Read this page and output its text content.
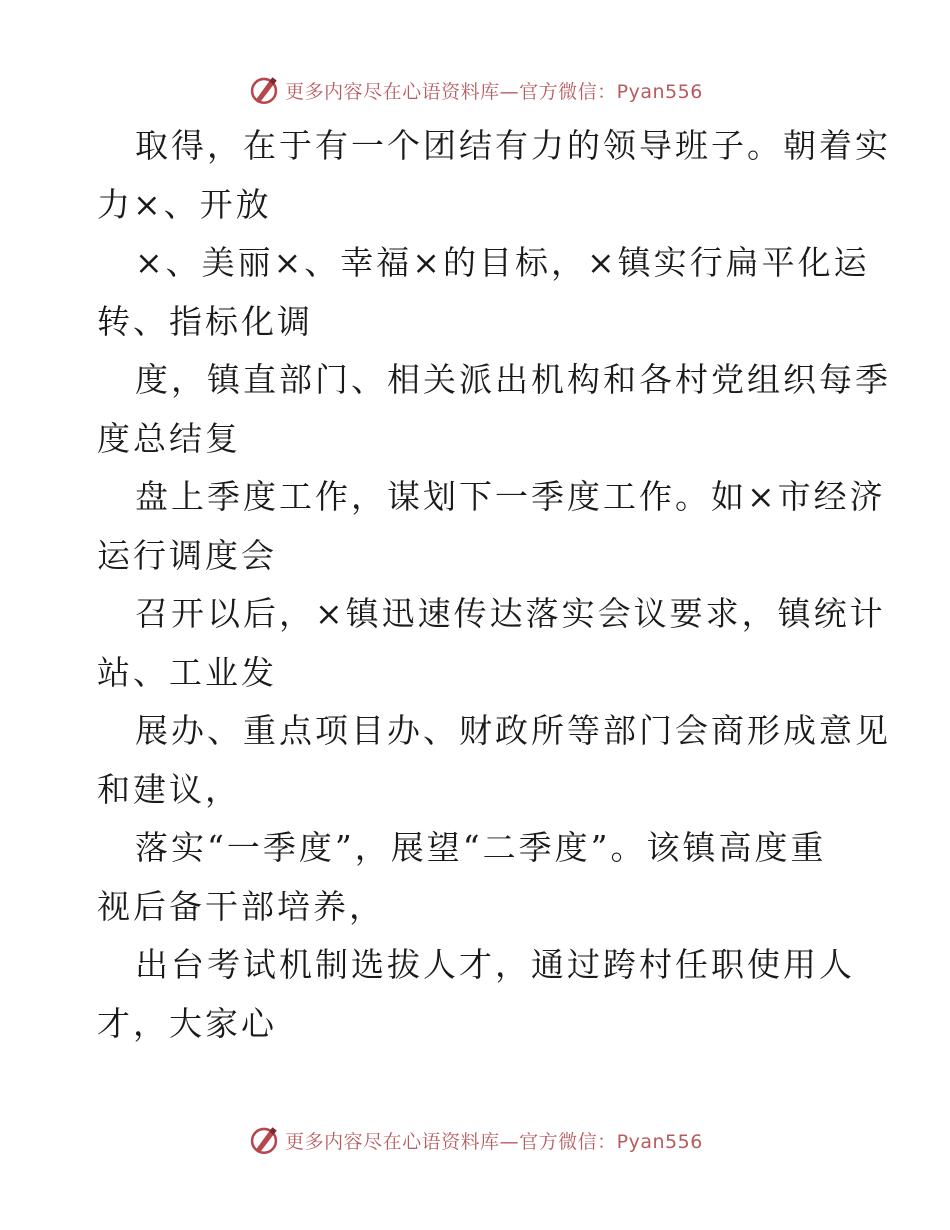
更多内容尽在心语资料库—官方微信：Pyan556
取得，在于有一个团结有力的领导班子。朝着实
力×、开放
×、美丽×、幸福×的目标，×镇实行扁平化运
转、指标化调
度，镇直部门、相关派出机构和各村党组织每季
度总结复
盘上季度工作，谋划下一季度工作。如×市经济
运行调度会
召开以后，×镇迅速传达落实会议要求，镇统计
站、工业发
展办、重点项目办、财政所等部门会商形成意见
和建议，
落实“一季度”，展望“二季度”。该镇高度重
视后备干部培养，
出台考试机制选拔人才，通过跨村任职使用人
才，大家心
更多内容尽在心语资料库—官方微信：Pyan556
